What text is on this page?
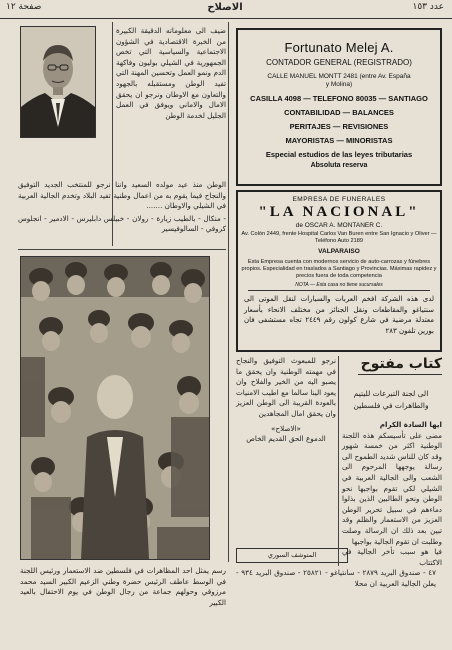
صفحة ١٢	الاصلاح	عدد ١٥٣
ضيف الى معلوماته الدقيقة الكبيرة من الخبرة الاقتصادية في الشؤون الاجتماعية والسياسية التي تخص الجمهورية في الشيلي بوليون وفاكهة الدم ونمو العمل وتحسين المهنة التي تفيد الوطن ومستقبله بالجهود والتعاون مع الاوطان ونرجو ان يحقق الامال والاماني ويوفق في العمل الجليل لخدمة الوطن
الوطن منذ عيد مولده السعيد واننا نرجو للمنتخب الجديد التوفيق والنجاح فيما يقوم به من اعمال وطنية تفيد البلاد وتخدم الجالية العربية في الشيلي والاوطان .......
- منكال - بالطيب زيارة - رولان - خبيلس دابليرس - الادمير - انجلوس كروفي - السالوفيسير
Fortunato Melej A.
CONTADOR GENERAL (REGISTRADO)
CALLE MANUEL MONTT 2481 (entre Av. España
y Molina)
CASILLA 4098 — TELEFONO 80035 — SANTIAGO
CONTABILIDAD — BALANCES
PERITAJES — REVISIONES
MAYORISTAS — MINORISTAS
Especial estudios de las leyes tributarias
Absoluta reserva
EMPRESA DE FUNERALES
"LA NACIONAL"
de OSCAR A. MONTANER C.
Av. Colón 2449, frente Hospital Carlos Van Buren entre San Ignacio y Oliver — Teléfono Auto 2189
VALPARAISO
Esta Empresa cuenta con modernos servicio de auto-carrozas y fúnebres propios. Especialidad en traslados a Santiago y Provincias. Máximas rapidez y precios fuera de toda competencia
NOTA — Esta casa no tiene sucursales
لدى هذه الشركة افخم العربات والسيارات لنقل الموتى الى سنتياغو والمقاطعات ونقل الجنائز من مختلف الانحاء بأسعار معتدلة مرضية في شارع كولون رقم ٢٤٤٩ تجاه مستشفى فان بورين تلفون ٢٨٣
نرجو للمبعوث التوفيق والنجاح في مهمته الوطنية وان يحقق ما يصبو اليه من الخير والفلاح وان يعود الينا سالما مع اطيب الامنيات بالعودة القريبة الى الوطن العزيز وان يحقق امال المجاهدين
«الاصلاح»
الدموع الحق القديم الخاص
المتوشف السوري
كتاب مفتوح
الى لجنة التبرعات لليتيم والطاهرات في فلسطين
ايها السادة الكرام
مضى على تأسيسكم هذه اللجنة الوطنية اكثر من خمسة شهور وقد كان للناس شديد الطموح الى رسالة يوجهها المرحوم الى الشعب والى الجالية العربية في الشيلي لكي تقوم بواجبها نحو الوطن ونحو الطالبين الذين بذلوا دماءهم في سبيل تحرير الوطن العزيز من الاستعمار والظلم وقد تبين بعد ذلك ان الرسالة وصلت وطلبت ان تقوم الجالية بواجبها
فيا هو سبب تأخر الجالية في الاكتتاب
٤٧ - صندوق البريد ٢٨٧٩ - سانتياغو - ٢٥٨٢١ - صندوق البريد ٩٣٤ - يعلن الجالية العربية ان محلا
رسم يمثل احد المظاهرات في فلسطين ضد الاستعمار ورئيس اللجنة في الوسط عاطف الرئيس حضرة وطني الزعيم الكبير السيد محمد مرزوقي وحولهم جماعة من رجال الوطن في يوم الاحتفال بالعيد الكبير
